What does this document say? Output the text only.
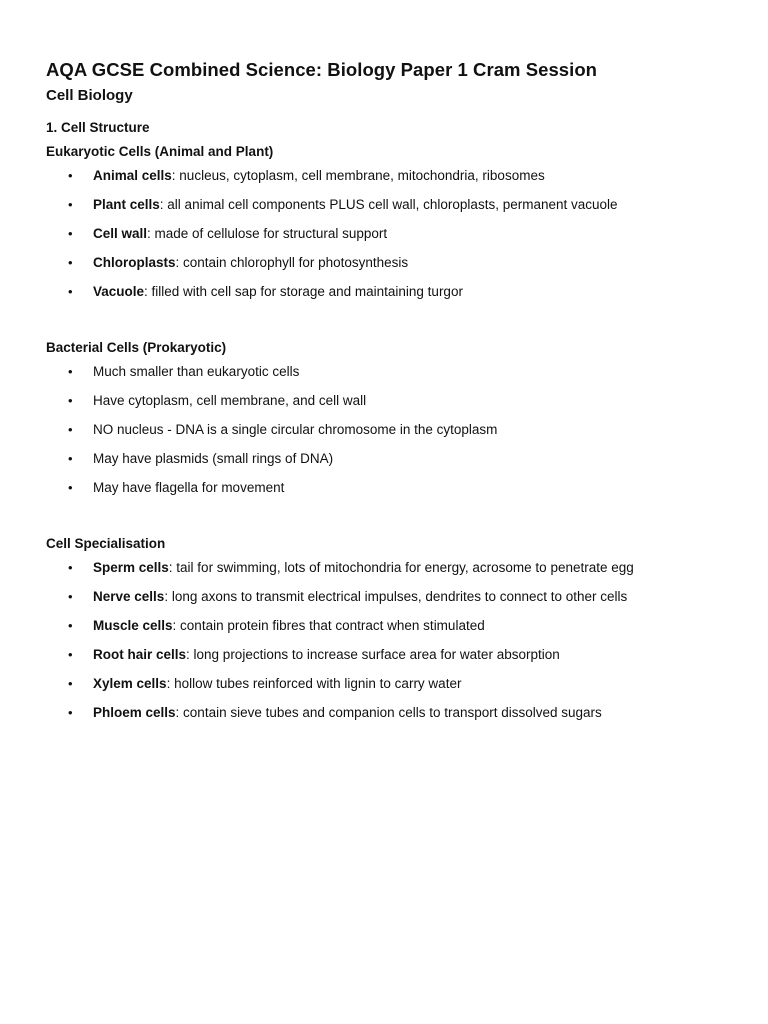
AQA GCSE Combined Science: Biology Paper 1 Cram Session
Cell Biology
1. Cell Structure
Eukaryotic Cells (Animal and Plant)
• Animal cells: nucleus, cytoplasm, cell membrane, mitochondria, ribosomes
• Plant cells: all animal cell components PLUS cell wall, chloroplasts, permanent vacuole
• Cell wall: made of cellulose for structural support
• Chloroplasts: contain chlorophyll for photosynthesis
• Vacuole: filled with cell sap for storage and maintaining turgor
Bacterial Cells (Prokaryotic)
• Much smaller than eukaryotic cells
• Have cytoplasm, cell membrane, and cell wall
• NO nucleus - DNA is a single circular chromosome in the cytoplasm
• May have plasmids (small rings of DNA)
• May have flagella for movement
Cell Specialisation
• Sperm cells: tail for swimming, lots of mitochondria for energy, acrosome to penetrate egg
• Nerve cells: long axons to transmit electrical impulses, dendrites to connect to other cells
• Muscle cells: contain protein fibres that contract when stimulated
• Root hair cells: long projections to increase surface area for water absorption
• Xylem cells: hollow tubes reinforced with lignin to carry water
• Phloem cells: contain sieve tubes and companion cells to transport dissolved sugars
